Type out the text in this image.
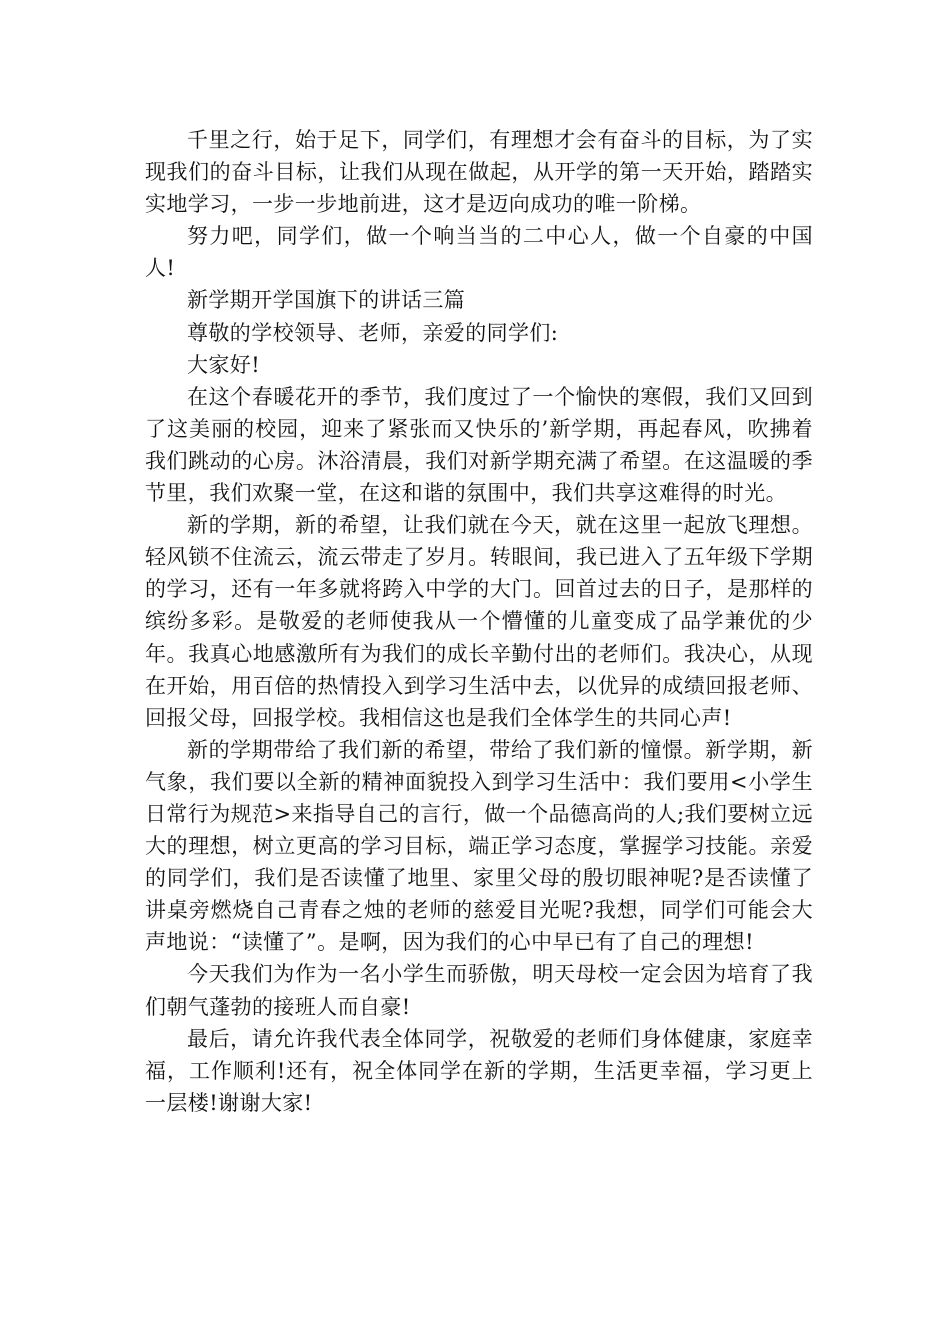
千里之行，始于足下，同学们，有理想才会有奋斗的目标，为了实现我们的奋斗目标，让我们从现在做起，从开学的第一天开始，踏踏实实地学习，一步一步地前进，这才是迈向成功的唯一阶梯。

努力吧，同学们，做一个响当当的二中心人，做一个自豪的中国人!

新学期开学国旗下的讲话三篇

尊敬的学校领导、老师，亲爱的同学们:

大家好!

在这个春暖花开的季节，我们度过了一个愉快的寒假，我们又回到了这美丽的校园，迎来了紧张而又快乐的’新学期，再起春风，吹拂着我们跳动的心房。沐浴清晨，我们对新学期充满了希望。在这温暖的季节里，我们欢聚一堂，在这和谐的氛围中，我们共享这难得的时光。

新的学期，新的希望，让我们就在今天，就在这里一起放飞理想。轻风锁不住流云，流云带走了岁月。转眼间，我已进入了五年级下学期的学习，还有一年多就将跨入中学的大门。回首过去的日子，是那样的缤纷多彩。是敬爱的老师使我从一个懵懂的儿童变成了品学兼优的少年。我真心地感激所有为我们的成长辛勤付出的老师们。我决心，从现在开始，用百倍的热情投入到学习生活中去，以优异的成绩回报老师、回报父母，回报学校。我相信这也是我们全体学生的共同心声!

新的学期带给了我们新的希望，带给了我们新的憧憬。新学期，新气象，我们要以全新的精神面貌投入到学习生活中：我们要用<小学生日常行为规范>来指导自己的言行，做一个品德高尚的人;我们要树立远大的理想，树立更高的学习目标，端正学习态度，掌握学习技能。亲爱的同学们，我们是否读懂了地里、家里父母的殷切眼神呢?是否读懂了讲桌旁燃烧自己青春之烛的老师的慈爱目光呢?我想，同学们可能会大声地说：“读懂了”。是啊，因为我们的心中早已有了自己的理想!

今天我们为作为一名小学生而骄傲，明天母校一定会因为培育了我们朝气蓬勃的接班人而自豪!

最后，请允许我代表全体同学，祝敬爱的老师们身体健康，家庭幸福，工作顺利!还有，祝全体同学在新的学期，生活更幸福，学习更上一层楼!谢谢大家!
